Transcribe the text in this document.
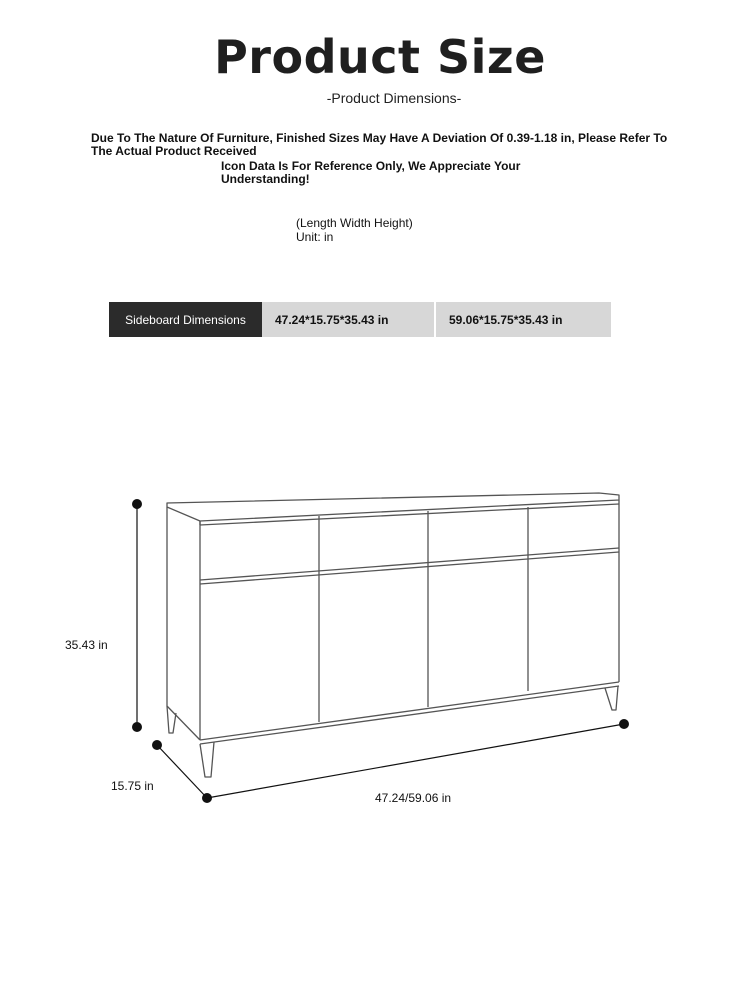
Product Size
-Product Dimensions-
Due To The Nature Of Furniture, Finished Sizes May Have A Deviation Of 0.39-1.18 in, Please Refer To The Actual Product Received
Icon Data Is For Reference Only, We Appreciate Your Understanding!
(Length Width Height)
Unit: in
Sideboard Dimensions	47.24*15.75*35.43 in	59.06*15.75*35.43 in
35.43 in
15.75 in
47.24/59.06 in
